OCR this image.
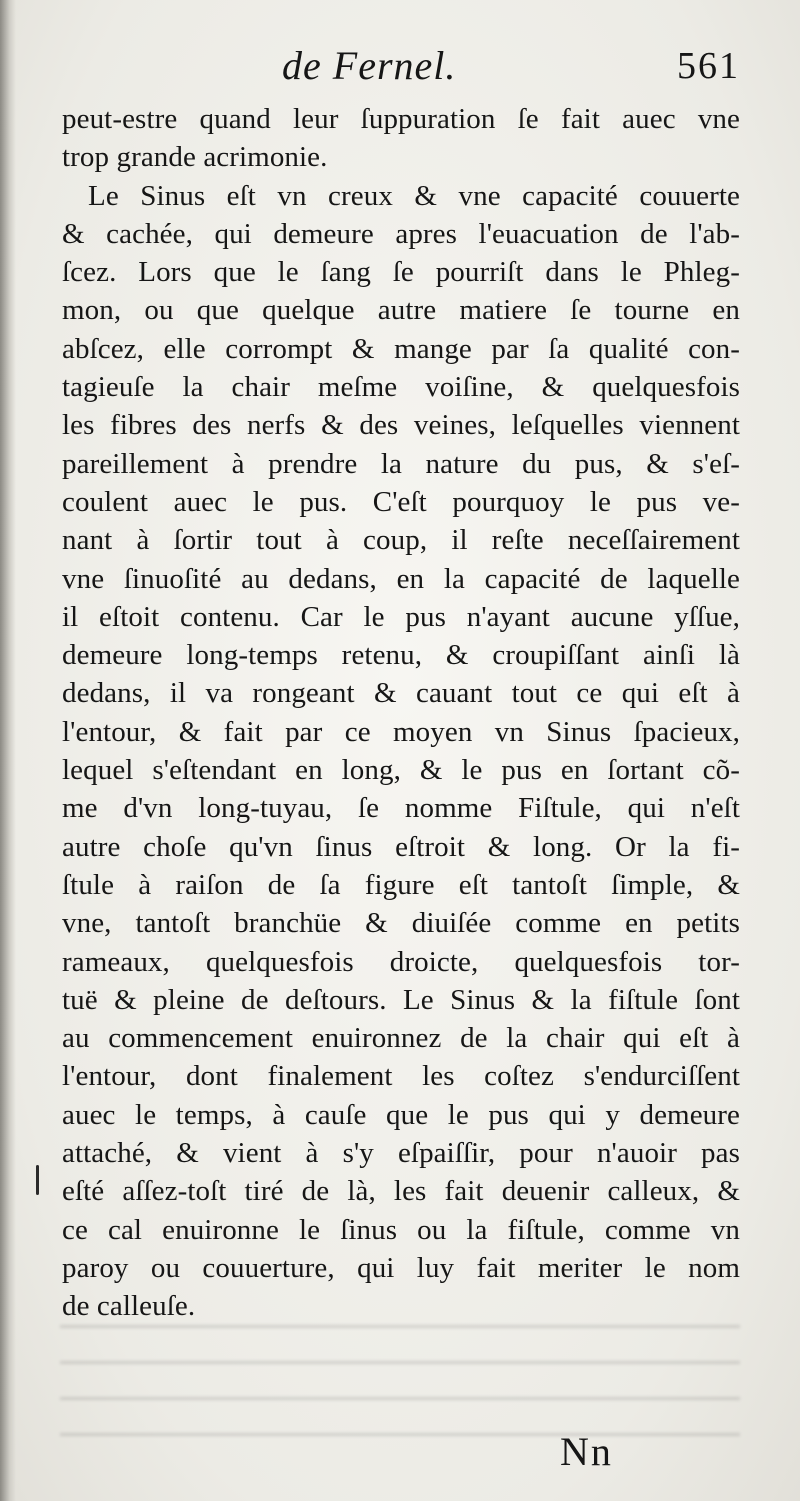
de Fernel.	561
peut-estre quand leur ſuppuration ſe fait auec vne
trop grande acrimonie.
Le Sinus eſt vn creux & vne capacité couuerte
& cachée, qui demeure apres l'euacuation de l'ab-
ſcez. Lors que le ſang ſe pourriſt dans le Phleg-
mon, ou que quelque autre matiere ſe tourne en
abſcez, elle corrompt & mange par ſa qualité con-
tagieuſe la chair meſme voiſine, & quelquesfois
les fibres des nerfs & des veines, leſquelles viennent
pareillement à prendre la nature du pus, & s'eſ-
coulent auec le pus. C'eſt pourquoy le pus ve-
nant à ſortir tout à coup, il reſte neceſſairement
vne ſinuoſité au dedans, en la capacité de laquelle
il eſtoit contenu. Car le pus n'ayant aucune yſſue,
demeure long-temps retenu, & croupiſſant ainſi là
dedans, il va rongeant & cauant tout ce qui eſt à
l'entour, & fait par ce moyen vn Sinus ſpacieux,
lequel s'eſtendant en long, & le pus en ſortant cõ-
me d'vn long-tuyau, ſe nomme Fiſtule, qui n'eſt
autre choſe qu'vn ſinus eſtroit & long. Or la fi-
ſtule à raiſon de ſa figure eſt tantoſt ſimple, &
vne, tantoſt branchüe & diuiſée comme en petits
rameaux, quelquesfois droicte, quelquesfois tor-
tuë & pleine de deſtours. Le Sinus & la fiſtule ſont
au commencement enuironnez de la chair qui eſt à
l'entour, dont finalement les coſtez s'endurciſſent
auec le temps, à cauſe que le pus qui y demeure
attaché, & vient à s'y eſpaiſſir, pour n'auoir pas
eſté aſſez-toſt tiré de là, les fait deuenir calleux, &
ce cal enuironne le ſinus ou la fiſtule, comme vn
paroy ou couuerture, qui luy fait meriter le nom
de calleuſe.
Nn
